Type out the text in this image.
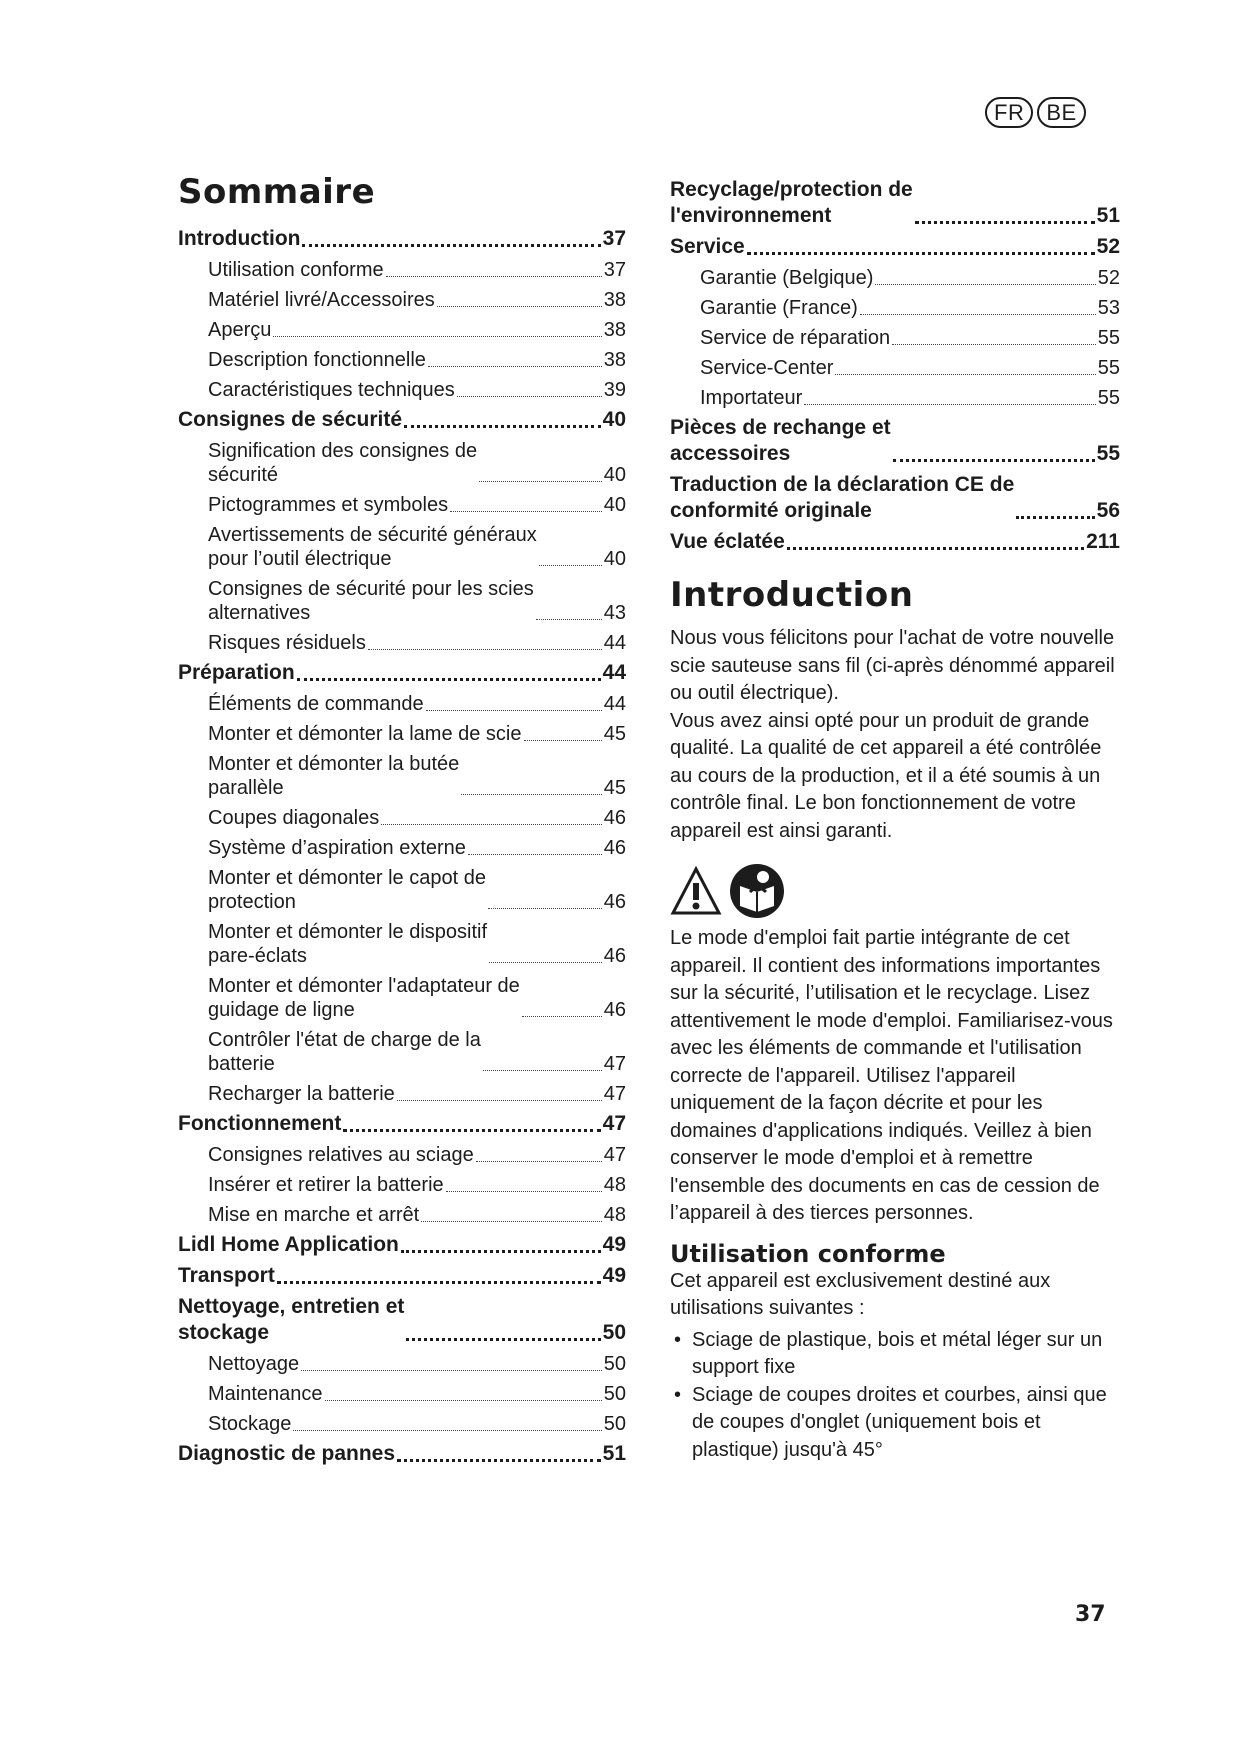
FR	BE
Sommaire
Introduction	37
Utilisation conforme	37
Matériel livré/Accessoires	38
Aperçu	38
Description fonctionnelle	38
Caractéristiques techniques	39
Consignes de sécurité	40
Signification des consignes de
sécurité	40
Pictogrammes et symboles	40
Avertissements de sécurité généraux
pour l’outil électrique	40
Consignes de sécurité pour les scies
alternatives	43
Risques résiduels	44
Préparation	44
Éléments de commande	44
Monter et démonter la lame de scie	45
Monter et démonter la butée
parallèle	45
Coupes diagonales	46
Système d’aspiration externe	46
Monter et démonter le capot de
protection	46
Monter et démonter le dispositif
pare-éclats	46
Monter et démonter l'adaptateur de
guidage de ligne	46
Contrôler l'état de charge de la
batterie	47
Recharger la batterie	47
Fonctionnement	47
Consignes relatives au sciage	47
Insérer et retirer la batterie	48
Mise en marche et arrêt	48
Lidl Home Application	49
Transport	49
Nettoyage, entretien et
stockage	50
Nettoyage	50
Maintenance	50
Stockage	50
Diagnostic de pannes	51
Recyclage/protection de
l'environnement	51
Service	52
Garantie (Belgique)	52
Garantie (France)	53
Service de réparation	55
Service-Center	55
Importateur	55
Pièces de rechange et
accessoires	55
Traduction de la déclaration CE de
conformité originale	56
Vue éclatée	211
Introduction

Nous vous félicitons pour l'achat de votre nouvelle scie sauteuse sans fil (ci-après dénommé appareil ou outil électrique).

Vous avez ainsi opté pour un produit de grande qualité. La qualité de cet appareil a été contrôlée au cours de la production, et il a été soumis à un contrôle final. Le bon fonctionnement de votre appareil est ainsi garanti.

Le mode d'emploi fait partie intégrante de cet appareil. Il contient des informations importantes sur la sécurité, l’utilisation et le recyclage. Lisez attentivement le mode d'emploi. Familiarisez-vous avec les éléments de commande et l'utilisation correcte de l'appareil. Utilisez l'appareil uniquement de la façon décrite et pour les domaines d'applications indiqués. Veillez à bien conserver le mode d'emploi et à remettre l'ensemble des documents en cas de cession de l’appareil à des tierces personnes.

Utilisation conforme

Cet appareil est exclusivement destiné aux utilisations suivantes :

• Sciage de plastique, bois et métal léger sur un support fixe
• Sciage de coupes droites et courbes, ainsi que de coupes d'onglet (uniquement bois et plastique) jusqu'à 45°
37
